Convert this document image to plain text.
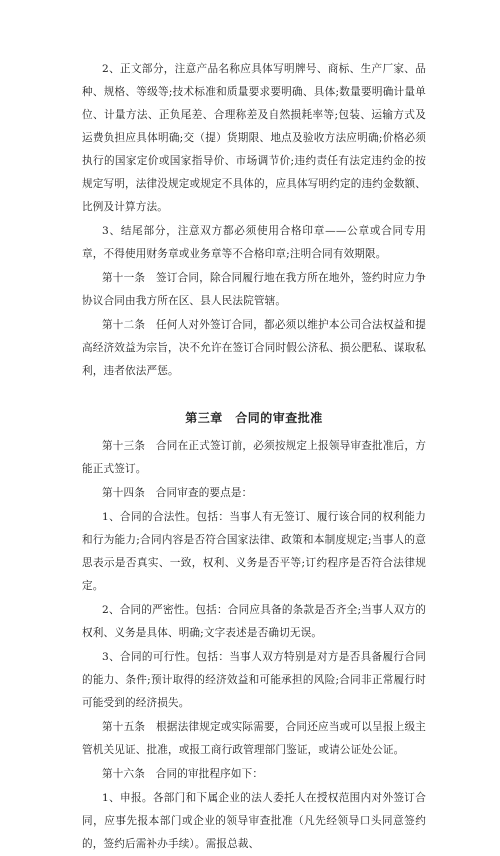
2、正文部分，注意产品名称应具体写明牌号、商标、生产厂家、品种、规格、等级等;技术标准和质量要求要明确、具体;数量要明确计量单位、计量方法、正负尾差、合理称差及自然损耗率等;包装、运输方式及运费负担应具体明确;交（提）货期限、地点及验收方法应明确;价格必须执行的国家定价或国家指导价、市场调节价;违约责任有法定违约金的按规定写明，法律没规定或规定不具体的，应具体写明约定的违约金数额、比例及计算方法。

3、结尾部分，注意双方都必须使用合格印章——公章或合同专用章，不得使用财务章或业务章等不合格印章;注明合同有效期限。

第十一条　签订合同，除合同履行地在我方所在地外，签约时应力争协议合同由我方所在区、县人民法院管辖。

第十二条　任何人对外签订合同，都必须以维护本公司合法权益和提高经济效益为宗旨，决不允许在签订合同时假公济私、损公肥私、谋取私利，违者依法严惩。

第三章　合同的审查批准

第十三条　合同在正式签订前，必须按规定上报领导审查批准后，方能正式签订。

第十四条　合同审查的要点是：

1、合同的合法性。包括：当事人有无签订、履行该合同的权利能力和行为能力;合同内容是否符合国家法律、政策和本制度规定;当事人的意思表示是否真实、一致，权利、义务是否平等;订约程序是否符合法律规定。

2、合同的严密性。包括：合同应具备的条款是否齐全;当事人双方的权利、义务是具体、明确;文字表述是否确切无误。

3、合同的可行性。包括：当事人双方特别是对方是否具备履行合同的能力、条件;预计取得的经济效益和可能承担的风险;合同非正常履行时可能受到的经济损失。

第十五条　根据法律规定或实际需要，合同还应当或可以呈报上级主管机关见证、批准，或报工商行政管理部门鉴证，或请公证处公证。

第十六条　合同的审批程序如下：

1、申报。各部门和下属企业的法人委托人在授权范围内对外签订合同，应事先报本部门或企业的领导审查批准（凡先经领导口头同意签约的，签约后需补办手续）。需报总裁、
